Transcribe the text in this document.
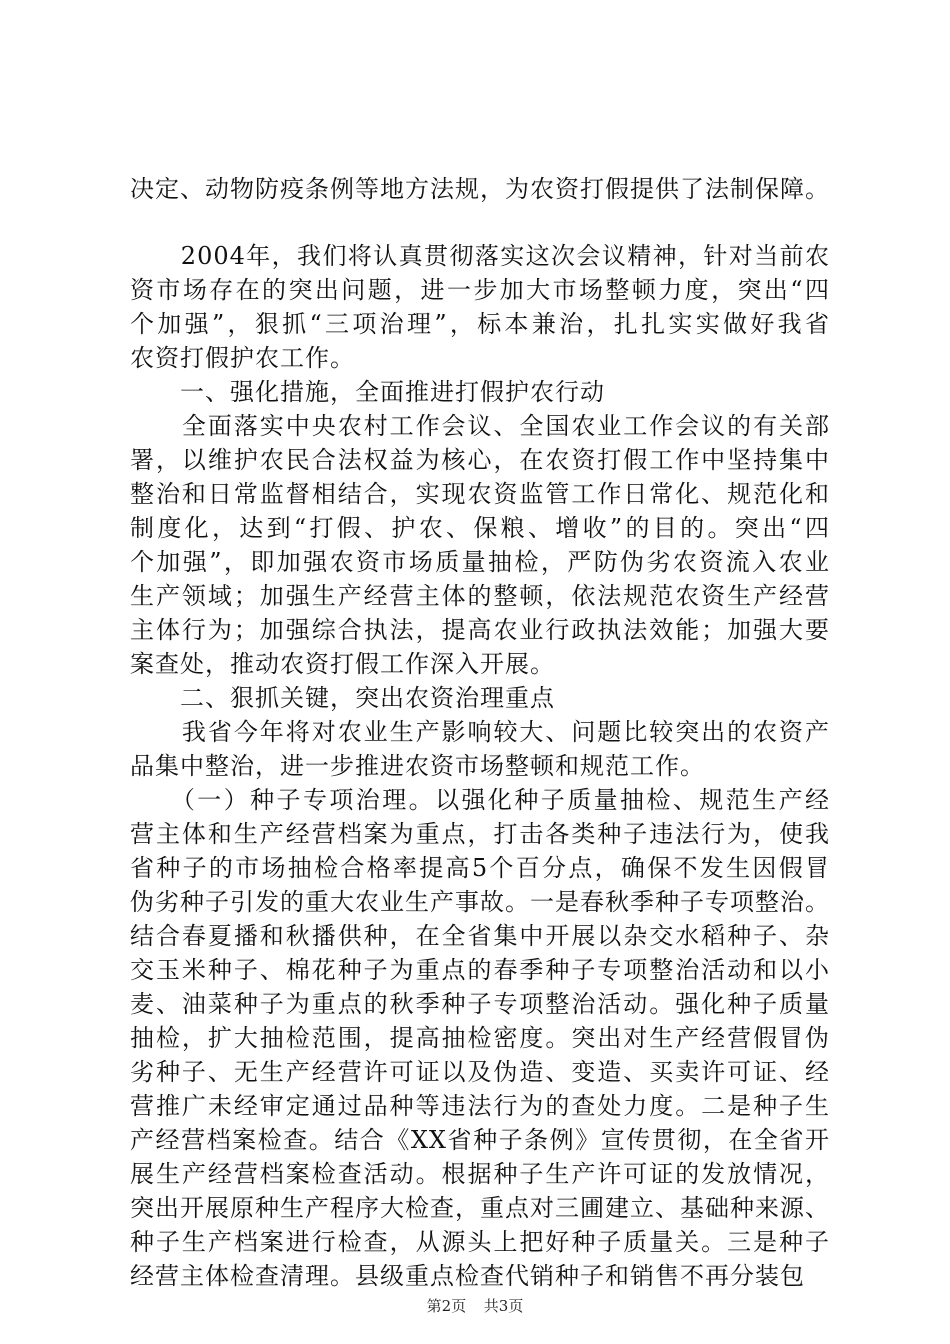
决定、动物防疫条例等地方法规，为农资打假提供了法制保障。
　　2004年，我们将认真贯彻落实这次会议精神，针对当前农
资市场存在的突出问题，进一步加大市场整顿力度，突出“四
个加强”，狠抓“三项治理”，标本兼治，扎扎实实做好我省
农资打假护农工作。
　　一、强化措施，全面推进打假护农行动
　　全面落实中央农村工作会议、全国农业工作会议的有关部
署，以维护农民合法权益为核心，在农资打假工作中坚持集中
整治和日常监督相结合，实现农资监管工作日常化、规范化和
制度化，达到“打假、护农、保粮、增收”的目的。突出“四
个加强”，即加强农资市场质量抽检，严防伪劣农资流入农业
生产领域；加强生产经营主体的整顿，依法规范农资生产经营
主体行为；加强综合执法，提高农业行政执法效能；加强大要
案查处，推动农资打假工作深入开展。
　　二、狠抓关键，突出农资治理重点
　　我省今年将对农业生产影响较大、问题比较突出的农资产
品集中整治，进一步推进农资市场整顿和规范工作。
　　（一）种子专项治理。以强化种子质量抽检、规范生产经
营主体和生产经营档案为重点，打击各类种子违法行为，使我
省种子的市场抽检合格率提高5个百分点，确保不发生因假冒
伪劣种子引发的重大农业生产事故。一是春秋季种子专项整治。
结合春夏播和秋播供种，在全省集中开展以杂交水稻种子、杂
交玉米种子、棉花种子为重点的春季种子专项整治活动和以小
麦、油菜种子为重点的秋季种子专项整治活动。强化种子质量
抽检，扩大抽检范围，提高抽检密度。突出对生产经营假冒伪
劣种子、无生产经营许可证以及伪造、变造、买卖许可证、经
营推广未经审定通过品种等违法行为的查处力度。二是种子生
产经营档案检查。结合《XX省种子条例》宣传贯彻，在全省开
展生产经营档案检查活动。根据种子生产许可证的发放情况，
突出开展原种生产程序大检查，重点对三圃建立、基础种来源、
种子生产档案进行检查，从源头上把好种子质量关。三是种子
经营主体检查清理。县级重点检查代销种子和销售不再分装包
第2页 共3页
